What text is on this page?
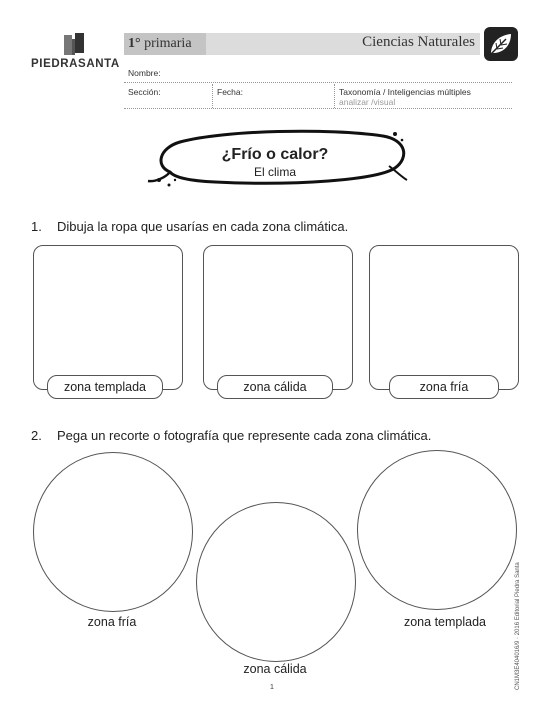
PIEDRASANTA
1° primaria	Ciencias Naturales
Nombre:
Sección:	Fecha:	Taxonomía / Inteligencias múltiples
analizar /visual
¿Frío o calor?
El clima
1. Dibuja la ropa que usarías en cada zona climática.
zona templada	zona cálida	zona fría
2. Pega un recorte o fotografía que represente cada zona climática.
zona fría
zona cálida
zona templada
1	CN1M3E404016/9 · 2016 Editorial Piedra Santa
